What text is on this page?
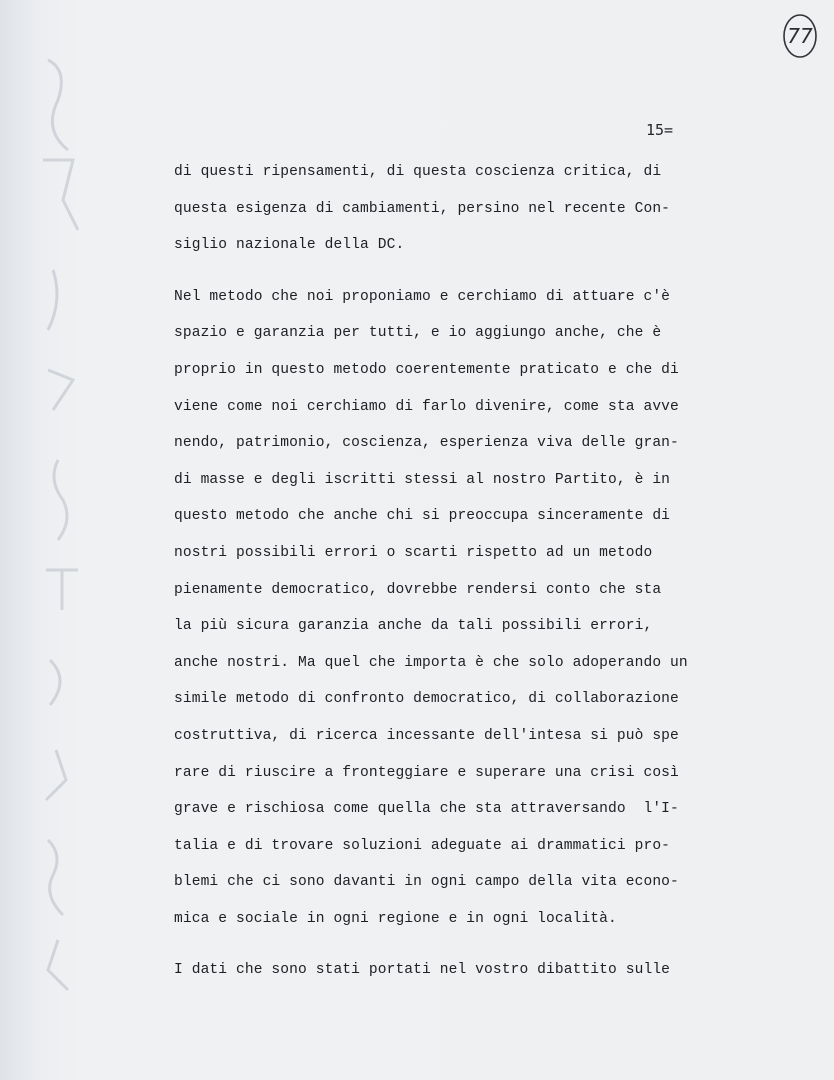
77
15=
di questi ripensamenti, di questa coscienza critica, di
questa esigenza di cambiamenti, persino nel recente Con-
siglio nazionale della DC.
Nel metodo che noi proponiamo e cerchiamo di attuare c'è
spazio e garanzia per tutti, e io aggiungo anche, che è
proprio in questo metodo coerentemente praticato e che di
viene come noi cerchiamo di farlo divenire, come sta avve
nendo, patrimonio, coscienza, esperienza viva delle gran-
di masse e degli iscritti stessi al nostro Partito, è in
questo metodo che anche chi si preoccupa sinceramente di
nostri possibili errori o scarti rispetto ad un metodo
pienamente democratico, dovrebbe rendersi conto che sta
la più sicura garanzia anche da tali possibili errori,
anche nostri. Ma quel che importa è che solo adoperando un
simile metodo di confronto democratico, di collaborazione
costruttiva, di ricerca incessante dell'intesa si può spe
rare di riuscire a fronteggiare e superare una crisi così
grave e rischiosa come quella che sta attraversando  l'I-
talia e di trovare soluzioni adeguate ai drammatici pro-
blemi che ci sono davanti in ogni campo della vita econo-
mica e sociale in ogni regione e in ogni località.
I dati che sono stati portati nel vostro dibattito sulle
